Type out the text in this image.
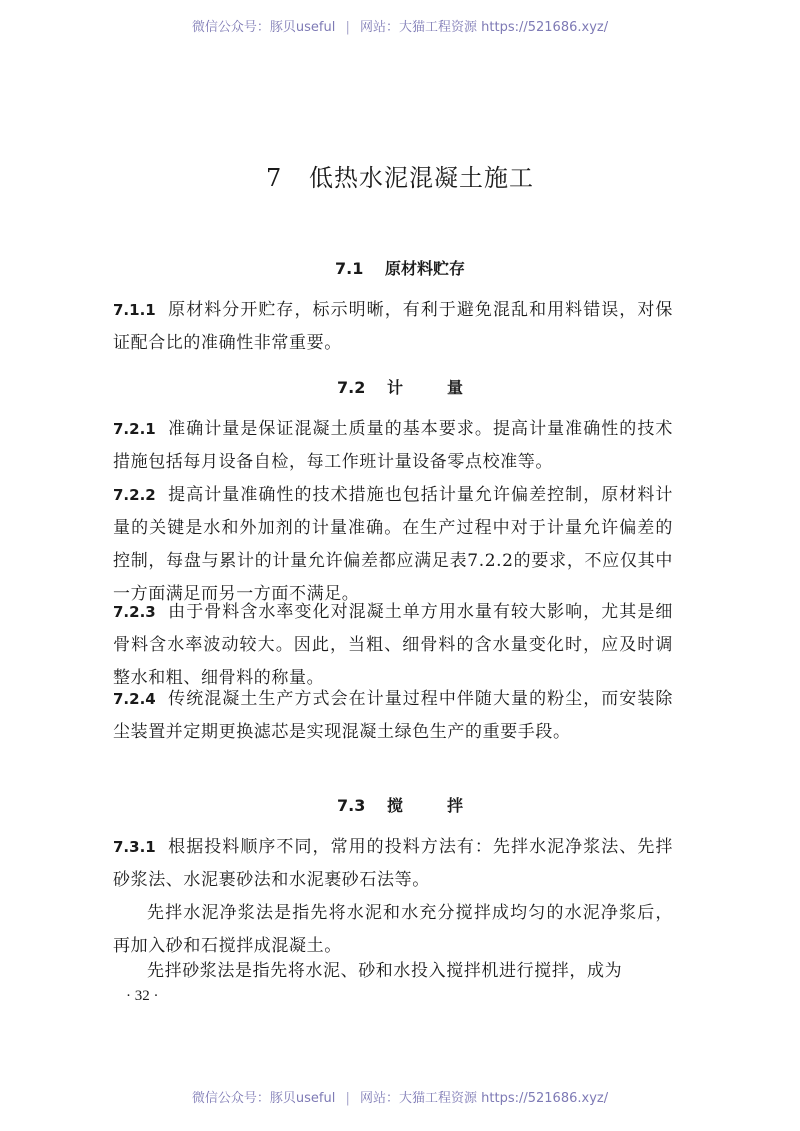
微信公众号：豚贝useful | 网站：大猫工程资源 https://521686.xyz/
7 低热水泥混凝土施工
7.1 原材料贮存
7.1.1 原材料分开贮存，标示明晰，有利于避免混乱和用料错误，对保证配合比的准确性非常重要。
7.2 计	量
7.2.1 准确计量是保证混凝土质量的基本要求。提高计量准确性的技术措施包括每月设备自检，每工作班计量设备零点校准等。
7.2.2 提高计量准确性的技术措施也包括计量允许偏差控制，原材料计量的关键是水和外加剂的计量准确。在生产过程中对于计量允许偏差的控制，每盘与累计的计量允许偏差都应满足表7.2.2的要求，不应仅其中一方面满足而另一方面不满足。
7.2.3 由于骨料含水率变化对混凝土单方用水量有较大影响，尤其是细骨料含水率波动较大。因此，当粗、细骨料的含水量变化时，应及时调整水和粗、细骨料的称量。
7.2.4 传统混凝土生产方式会在计量过程中伴随大量的粉尘，而安装除尘装置并定期更换滤芯是实现混凝土绿色生产的重要手段。
7.3 搅	拌
7.3.1 根据投料顺序不同，常用的投料方法有：先拌水泥净浆法、先拌砂浆法、水泥裹砂法和水泥裹砂石法等。
先拌水泥净浆法是指先将水泥和水充分搅拌成均匀的水泥净浆后，再加入砂和石搅拌成混凝土。
先拌砂浆法是指先将水泥、砂和水投入搅拌机进行搅拌，成为
· 32 ·
微信公众号：豚贝useful | 网站：大猫工程资源 https://521686.xyz/
